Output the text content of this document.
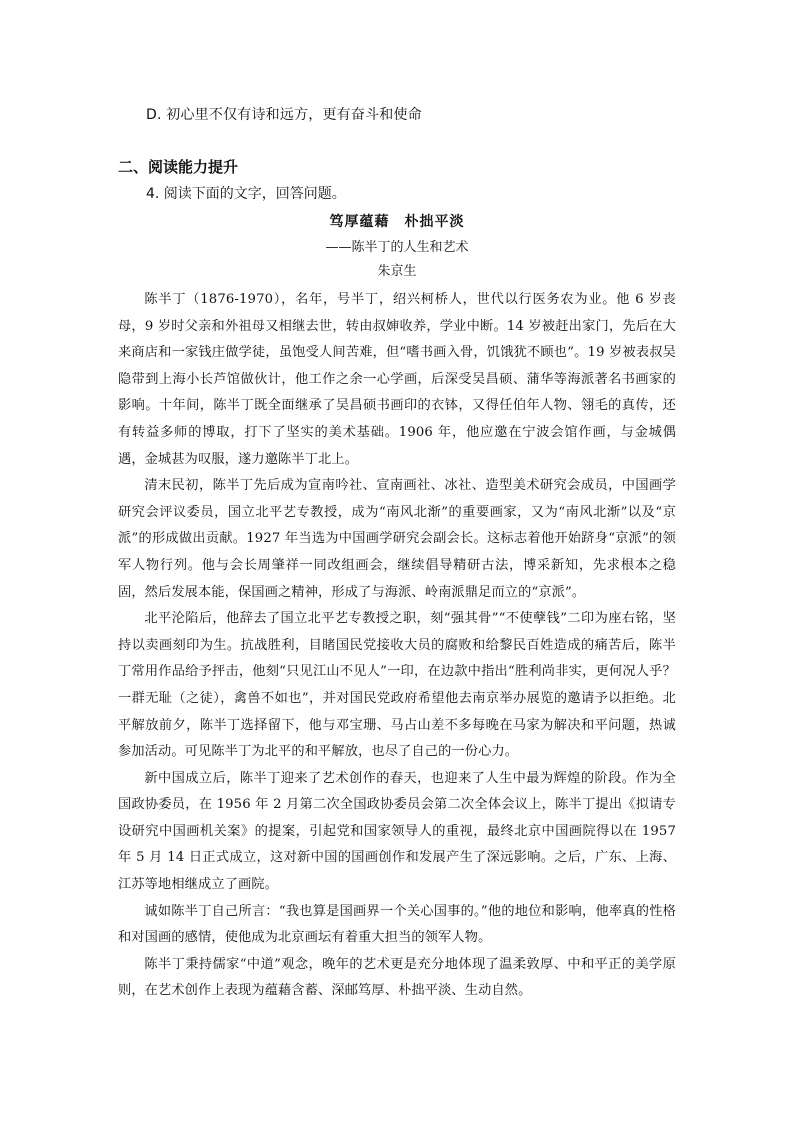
D. 初心里不仅有诗和远方，更有奋斗和使命
二、阅读能力提升
4. 阅读下面的文字，回答问题。
笃厚蕴藉　朴拙平淡
——陈半丁的人生和艺术
朱京生

陈半丁（1876-1970），名年，号半丁，绍兴柯桥人，世代以行医务农为业。他 6 岁丧母，9 岁时父亲和外祖母又相继去世，转由叔婶收养，学业中断。14 岁被赶出家门，先后在大来商店和一家钱庄做学徒，虽饱受人间苦难，但“嗜书画入骨，饥饿犹不顾也”。19 岁被表叔吴隐带到上海小长芦馆做伙计，他工作之余一心学画，后深受吴昌硕、蒲华等海派著名书画家的影响。十年间，陈半丁既全面继承了吴昌硕书画印的衣钵，又得任伯年人物、翎毛的真传，还有转益多师的博取，打下了坚实的美术基础。1906 年，他应邀在宁波会馆作画，与金城偶遇，金城甚为叹服，遂力邀陈半丁北上。

清末民初，陈半丁先后成为宣南吟社、宣南画社、冰社、造型美术研究会成员，中国画学研究会评议委员，国立北平艺专教授，成为“南风北渐”的重要画家，又为“南风北渐”以及“京派”的形成做出贡献。1927 年当选为中国画学研究会副会长。这标志着他开始跻身“京派”的领军人物行列。他与会长周肇祥一同改组画会，继续倡导精研古法，博采新知，先求根本之稳固，然后发展本能，保国画之精神，形成了与海派、岭南派鼎足而立的“京派”。

北平沦陷后，他辞去了国立北平艺专教授之职，刻“强其骨”“不使孽钱”二印为座右铭，坚持以卖画刻印为生。抗战胜利，目睹国民党接收大员的腐败和给黎民百姓造成的痛苦后，陈半丁常用作品给予抨击，他刻“只见江山不见人”一印，在边款中指出“胜利尚非实，更何况人乎？一群无耻（之徒），禽兽不如也”，并对国民党政府希望他去南京举办展览的邀请予以拒绝。北平解放前夕，陈半丁选择留下，他与邓宝珊、马占山差不多每晚在马家为解决和平问题，热诚参加活动。可见陈半丁为北平的和平解放，也尽了自己的一份心力。

新中国成立后，陈半丁迎来了艺术创作的春天，也迎来了人生中最为辉煌的阶段。作为全国政协委员，在 1956 年 2 月第二次全国政协委员会第二次全体会议上，陈半丁提出《拟请专设研究中国画机关案》的提案，引起党和国家领导人的重视，最终北京中国画院得以在 1957 年 5 月 14 日正式成立，这对新中国的国画创作和发展产生了深远影响。之后，广东、上海、江苏等地相继成立了画院。

诚如陈半丁自己所言：“我也算是国画界一个关心国事的。”他的地位和影响，他率真的性格和对国画的感情，使他成为北京画坛有着重大担当的领军人物。

陈半丁秉持儒家“中道”观念，晚年的艺术更是充分地体现了温柔敦厚、中和平正的美学原则，在艺术创作上表现为蕴藉含蓄、深邮笃厚、朴拙平淡、生动自然。
